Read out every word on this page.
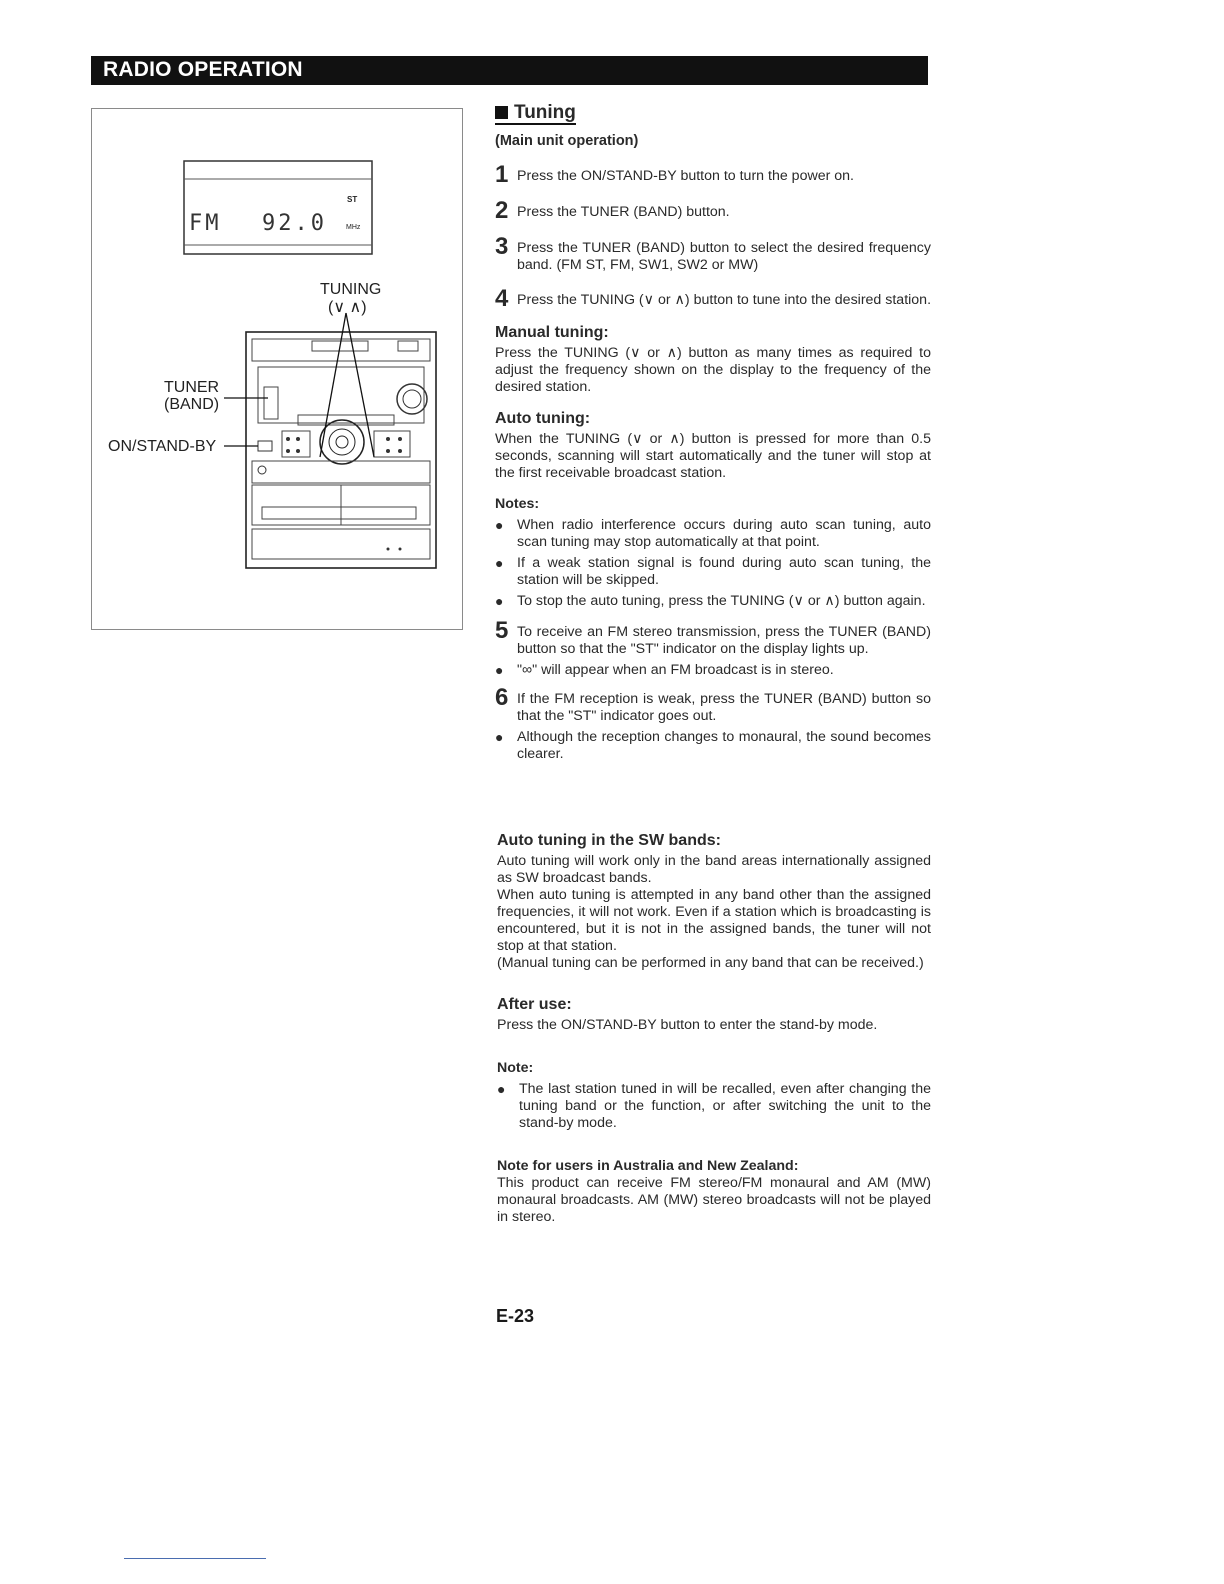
RADIO OPERATION
FM 92.0
ST
MHz
TUNING
(∨ ∧)
TUNER
(BAND)
ON/STAND-BY
Tuning
(Main unit operation)
1 Press the ON/STAND-BY button to turn the power on.
2 Press the TUNER (BAND) button.
3 Press the TUNER (BAND) button to select the desired frequency band. (FM ST, FM, SW1, SW2 or MW)
4 Press the TUNING (∨ or ∧) button to tune into the desired station.
Manual tuning:
Press the TUNING (∨ or ∧) button as many times as required to adjust the frequency shown on the display to the frequency of the desired station.
Auto tuning:
When the TUNING (∨ or ∧) button is pressed for more than 0.5 seconds, scanning will start automatically and the tuner will stop at the first receivable broadcast station.
Notes:
● When radio interference occurs during auto scan tuning, auto scan tuning may stop automatically at that point.
● If a weak station signal is found during auto scan tuning, the station will be skipped.
● To stop the auto tuning, press the TUNING (∨ or ∧) button again.
5 To receive an FM stereo transmission, press the TUNER (BAND) button so that the "ST" indicator on the display lights up.
● "∞" will appear when an FM broadcast is in stereo.
6 If the FM reception is weak, press the TUNER (BAND) button so that the "ST" indicator goes out.
● Although the reception changes to monaural, the sound becomes clearer.
Auto tuning in the SW bands:
Auto tuning will work only in the band areas internationally assigned as SW broadcast bands.
When auto tuning is attempted in any band other than the assigned frequencies, it will not work. Even if a station which is broadcasting is encountered, but it is not in the assigned bands, the tuner will not stop at that station.
(Manual tuning can be performed in any band that can be received.)
After use:
Press the ON/STAND-BY button to enter the stand-by mode.
Note:
● The last station tuned in will be recalled, even after changing the tuning band or the function, or after switching the unit to the stand-by mode.
Note for users in Australia and New Zealand:
This product can receive FM stereo/FM monaural and AM (MW) monaural broadcasts. AM (MW) stereo broadcasts will not be played in stereo.
E-23
